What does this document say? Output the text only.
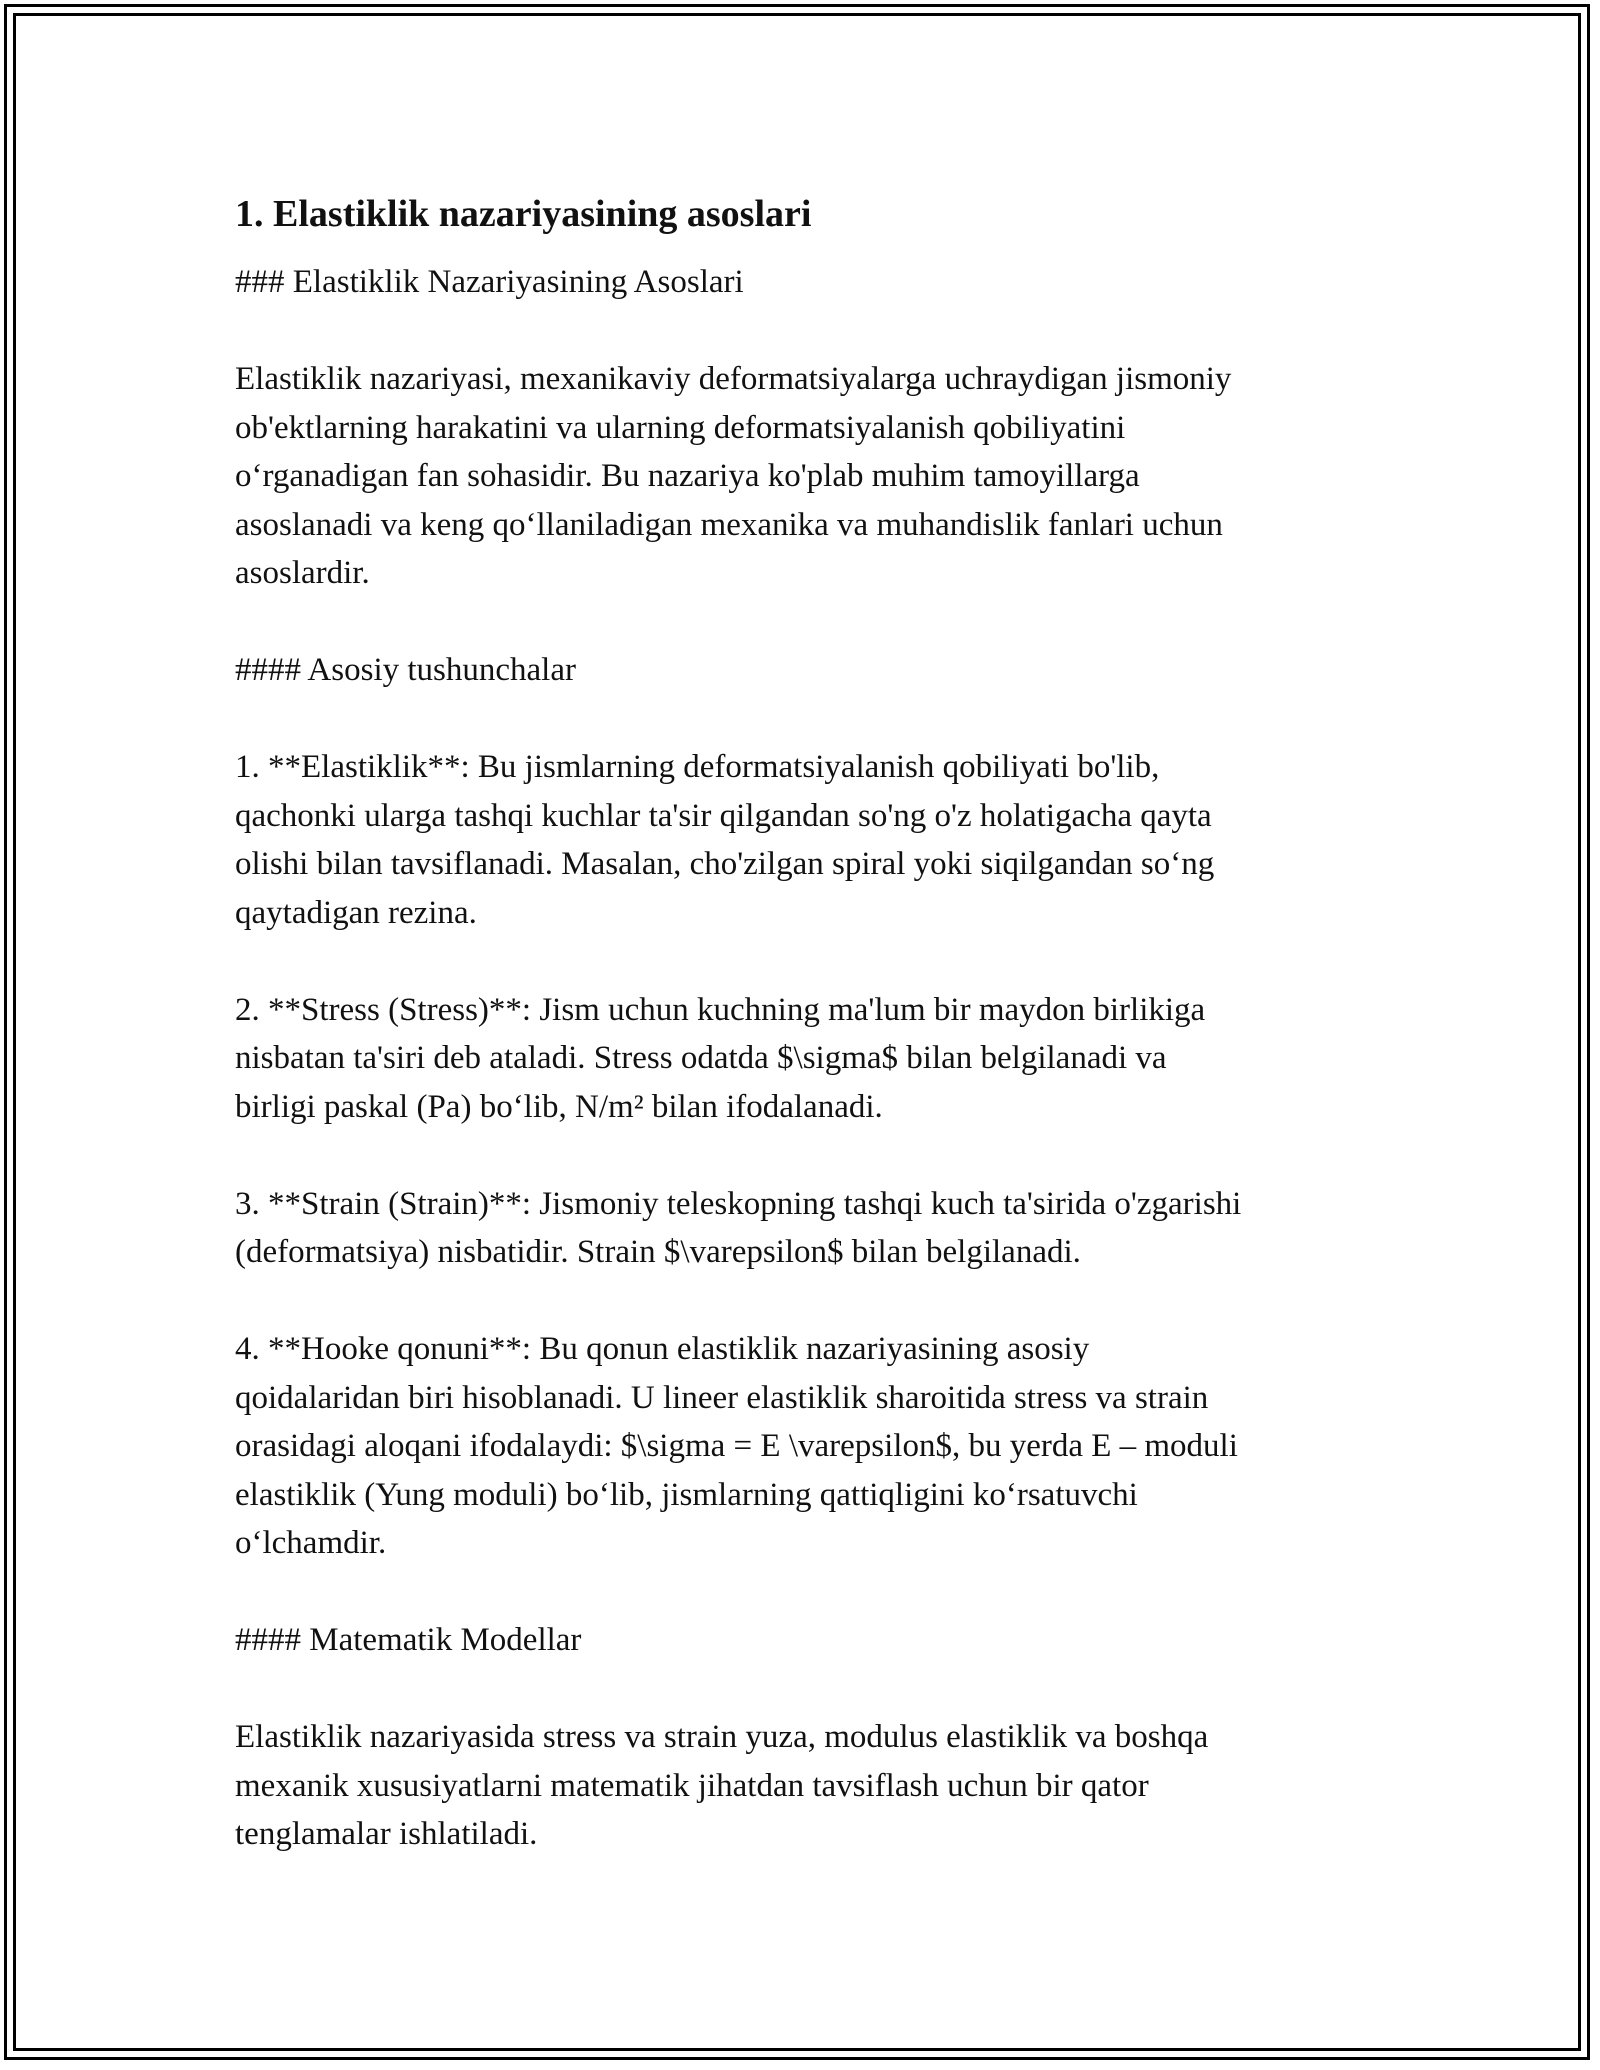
1. Elastiklik nazariyasining asoslari

### Elastiklik Nazariyasining Asoslari

Elastiklik nazariyasi, mexanikaviy deformatsiyalarga uchraydigan jismoniy

ob'ektlarning harakatini va ularning deformatsiyalanish qobiliyatini

o‘rganadigan fan sohasidir. Bu nazariya ko'plab muhim tamoyillarga

asoslanadi va keng qo‘llaniladigan mexanika va muhandislik fanlari uchun

asoslardir.

#### Asosiy tushunchalar

1. **Elastiklik**: Bu jismlarning deformatsiyalanish qobiliyati bo'lib,

qachonki ularga tashqi kuchlar ta'sir qilgandan so'ng o'z holatigacha qayta

olishi bilan tavsiflanadi. Masalan, cho'zilgan spiral yoki siqilgandan so‘ng

qaytadigan rezina.

2. **Stress (Stress)**: Jism uchun kuchning ma'lum bir maydon birlikiga

nisbatan ta'siri deb ataladi. Stress odatda $\sigma$ bilan belgilanadi va

birligi paskal (Pa) bo‘lib, N/m² bilan ifodalanadi.

3. **Strain (Strain)**: Jismoniy teleskopning tashqi kuch ta'sirida o'zgarishi

(deformatsiya) nisbatidir. Strain $\varepsilon$ bilan belgilanadi.

4. **Hooke qonuni**: Bu qonun elastiklik nazariyasining asosiy

qoidalaridan biri hisoblanadi. U lineer elastiklik sharoitida stress va strain

orasidagi aloqani ifodalaydi: $\sigma = E \varepsilon$, bu yerda E – moduli

elastiklik (Yung moduli) bo‘lib, jismlarning qattiqligini ko‘rsatuvchi

o‘lchamdir.

#### Matematik Modellar

Elastiklik nazariyasida stress va strain yuza, modulus elastiklik va boshqa

mexanik xususiyatlarni matematik jihatdan tavsiflash uchun bir qator

tenglamalar ishlatiladi.
